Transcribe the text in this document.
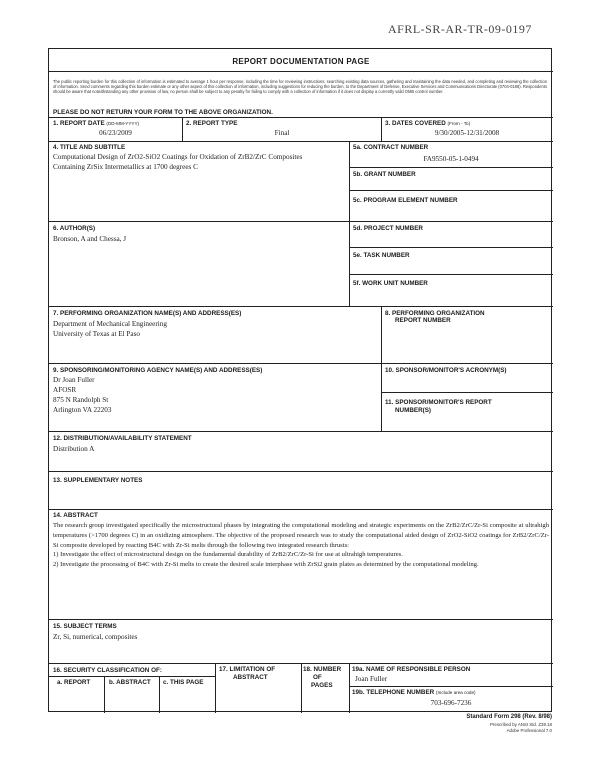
AFRL-SR-AR-TR-09-0197
REPORT DOCUMENTATION PAGE
The public reporting burden for this collection of information is estimated to average 1 hour per response, including the time for reviewing instructions, searching existing data sources, gathering and maintaining the data needed, and completing and reviewing the collection of information. Send comments regarding this burden estimate or any other aspect of this collection of information, including suggestions for reducing the burden, to the Department of Defense, Executive Services and Communications Directorate (0704-0188). Respondents should be aware that notwithstanding any other provision of law, no person shall be subject to any penalty for failing to comply with a collection of information if it does not display a currently valid OMB control number.
PLEASE DO NOT RETURN YOUR FORM TO THE ABOVE ORGANIZATION.
1. REPORT DATE (DD-MM-YYYY)
06/23/2009
2. REPORT TYPE
Final
3. DATES COVERED (From - To)
9/30/2005-12/31/2008
4. TITLE AND SUBTITLE
Computational Design of ZrO2-SiO2 Coatings for Oxidation of ZrB2/ZrC Composites
Containing ZrSix Intermetallics at 1700 degrees C
5a. CONTRACT NUMBER
FA9550-05-1-0494
5b. GRANT NUMBER
5c. PROGRAM ELEMENT NUMBER
6. AUTHOR(S)
Bronson, A and Chessa, J
5d. PROJECT NUMBER
5e. TASK NUMBER
5f. WORK UNIT NUMBER
7. PERFORMING ORGANIZATION NAME(S) AND ADDRESS(ES)
Department of Mechanical Engineering
University of Texas at El Paso
8. PERFORMING ORGANIZATION
REPORT NUMBER
9. SPONSORING/MONITORING AGENCY NAME(S) AND ADDRESS(ES)
Dr Joan Fuller
AFOSR
875 N Randolph St
Arlington VA 22203
10. SPONSOR/MONITOR'S ACRONYM(S)
11. SPONSOR/MONITOR'S REPORT
NUMBER(S)
12. DISTRIBUTION/AVAILABILITY STATEMENT
Distribution A
13. SUPPLEMENTARY NOTES
14. ABSTRACT

The research group investigated specifically the microstructural phases by integrating the computational modeling and strategic experiments on the ZrB2/ZrC/Zr-Si composite at ultrahigh temperatures (>1700 degrees C) in an oxidizing atmosphere. The objective of the proposed research was to study the computational aided design of ZrO2-SiO2 coatings for ZrB2/ZrC/Zr-Si composite developed by reacting B4C with Zr-Si melts through the following two integrated research thrusts:

1) Investigate the effect of microstructural design on the fundamental durability of ZrB2/ZrC/Zr-Si for use at ultrahigh temperatures.

2) Investigate the processing of B4C with Zr-Si melts to create the desired scale interphase with ZrSi2 grain plates as determined by the computational modeling.

15. SUBJECT TERMS
Zr, Si, numerical, composites
16. SECURITY CLASSIFICATION OF:
a. REPORT	b. ABSTRACT c. THIS PAGE
17. LIMITATION OF
ABSTRACT
18. NUMBER
OF
PAGES
19a. NAME OF RESPONSIBLE PERSON
Joan Fuller
19b. TELEPHONE NUMBER (Include area code)
703-696-7236
Standard Form 298 (Rev. 8/98)
Prescribed by ANSI Std. Z39.18
Adobe Professional 7.0
